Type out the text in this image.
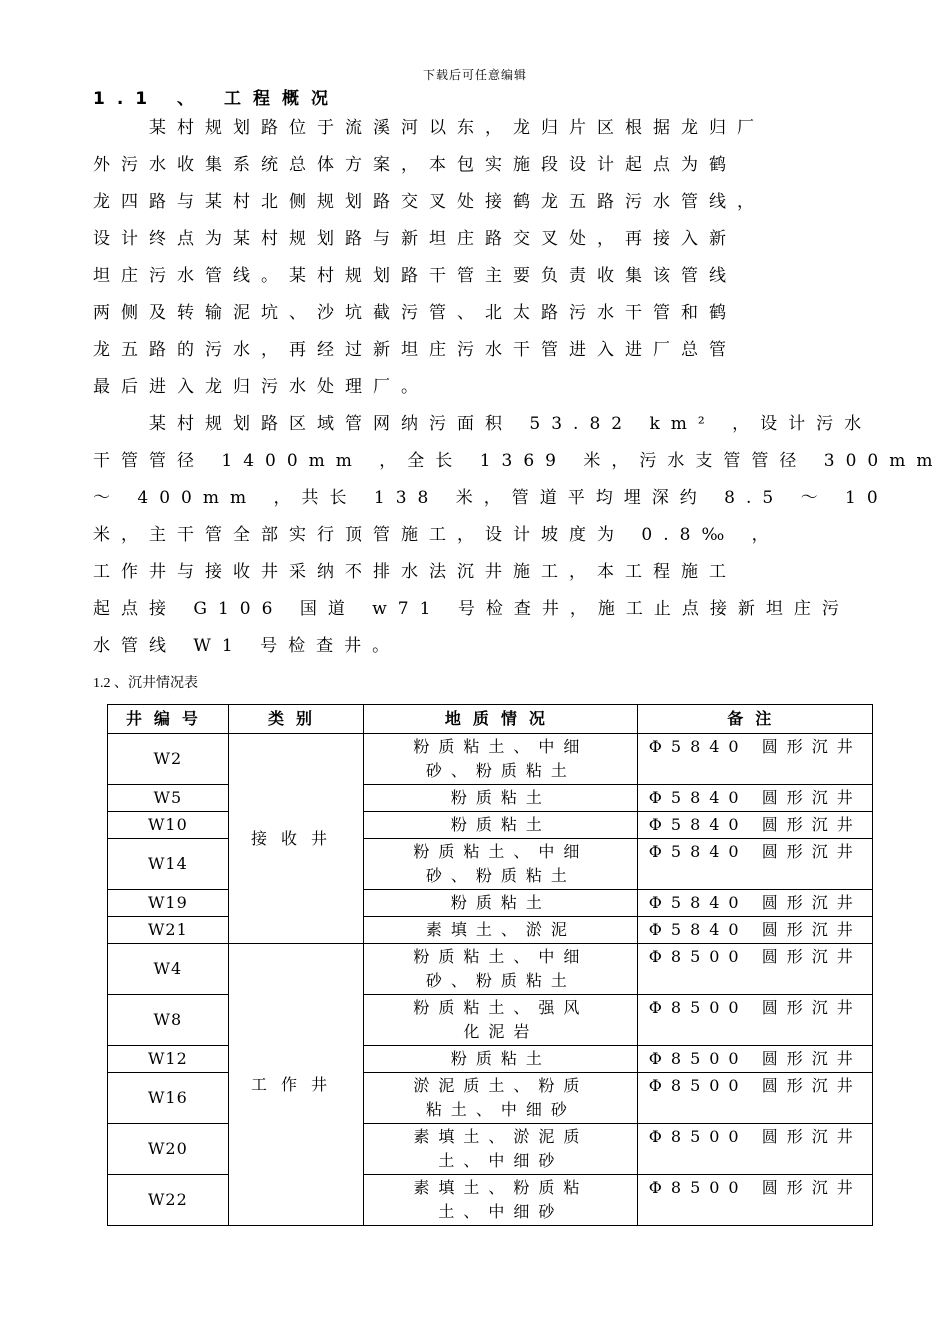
下载后可任意编辑
1.1 、 工程概况

　　某村规划路位于流溪河以东，龙归片区根据龙归厂

外污水收集系统总体方案，本包实施段设计起点为鹤

龙四路与某村北侧规划路交叉处接鹤龙五路污水管线，

设计终点为某村规划路与新坦庄路交叉处，再接入新

坦庄污水管线。某村规划路干管主要负责收集该管线

两侧及转输泥坑、沙坑截污管、北太路污水干管和鹤

龙五路的污水，再经过新坦庄污水干管进入进厂总管

最后进入龙归污水处理厂。

　　某村规划路区域管网纳污面积 53.82 km² ，设计污水

干管管径 1400mm ，全长 1369 米，污水支管管径 300mm

～ 400mm ，共长 138 米，管道平均埋深约 8.5 ～ 10

米，主干管全部实行顶管施工，设计坡度为 0.8‰ ，

工作井与接收井采纳不排水法沉井施工，本工程施工

起点接 G106 国道 w71 号检查井，施工止点接新坦庄污

水管线 W1 号检查井。

1.2 、沉井情况表
井编号	类别	地质情况	备注
W2	接收井	粉质粘土、中细
砂、粉质粘土	Φ5840 圆形沉井
W5		粉质粘土	Φ5840 圆形沉井
W10		粉质粘土	Φ5840 圆形沉井
W14		粉质粘土、中细
砂、粉质粘土	Φ5840 圆形沉井
W19		粉质粘土	Φ5840 圆形沉井
W21		素填土、淤泥	Φ5840 圆形沉井
W4	工作井	粉质粘土、中细
砂、粉质粘土	Φ8500 圆形沉井
W8		粉质粘土、强风
化泥岩	Φ8500 圆形沉井
W12		粉质粘土	Φ8500 圆形沉井
W16		淤泥质土、粉质
粘土、中细砂	Φ8500 圆形沉井
W20		素填土、淤泥质
土、中细砂	Φ8500 圆形沉井
W22		素填土、粉质粘
土、中细砂	Φ8500 圆形沉井
